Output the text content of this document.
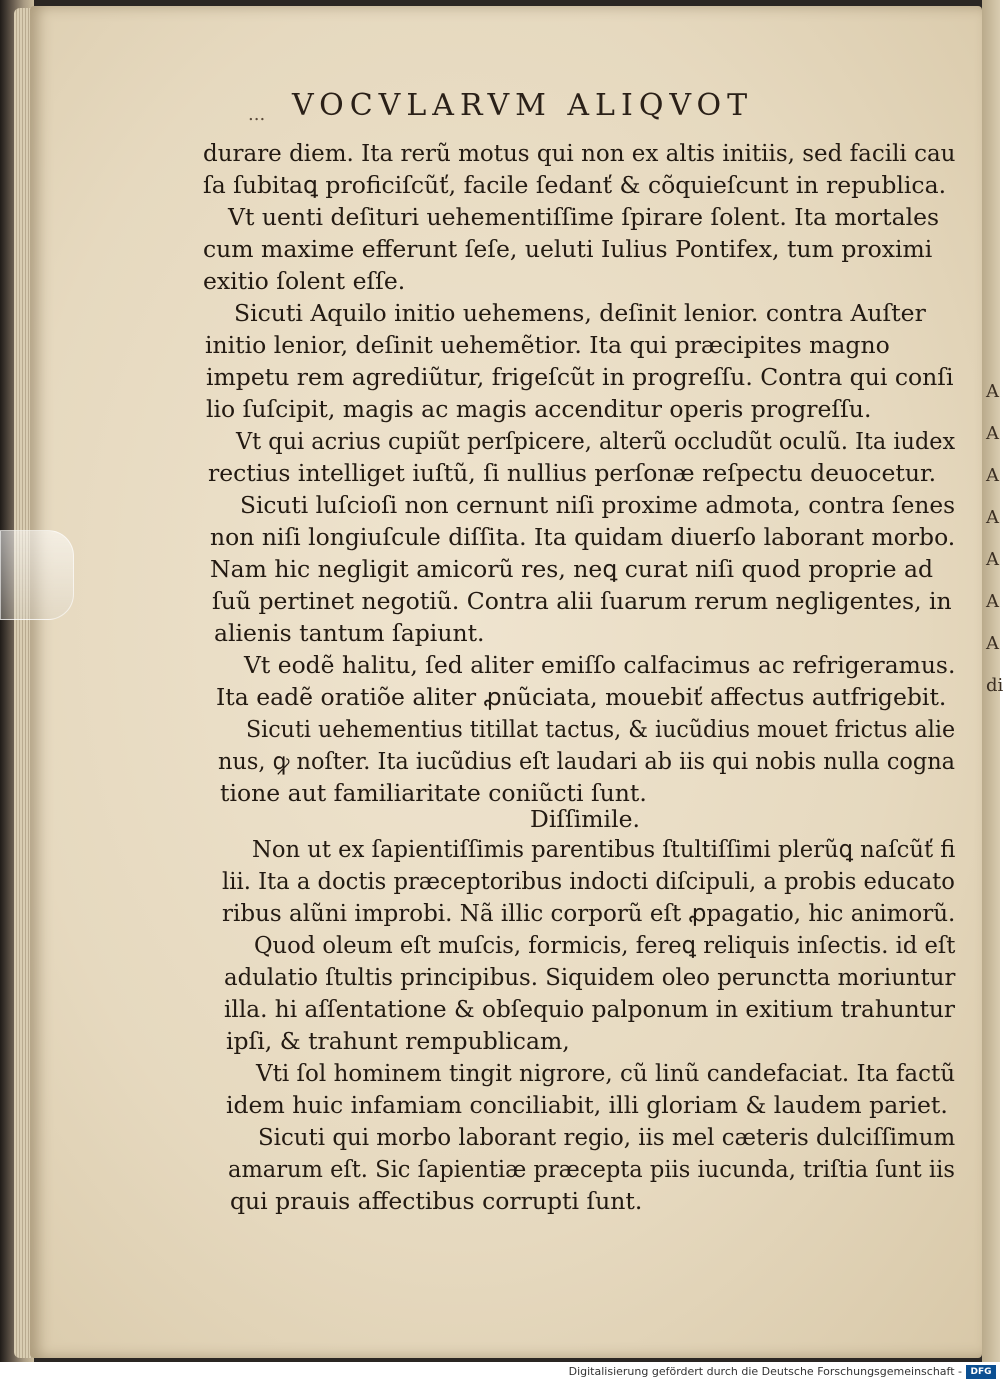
A
A
A
A
A
A
A
di
... VOCVLARVM ALIQVOT
durare diem. Ita rerũ motus qui non ex altis initiis, sed facili cau
ſa ſubitaꝗ proficiſcũť, facile ſedanť & cõquieſcunt in republica.
Vt uenti deſituri uehementiſſime ſpirare ſolent. Ita mortales
cum maxime efferunt ſeſe, ueluti Iulius Pontifex, tum proximi
exitio ſolent eſſe.
Sicuti Aquilo initio uehemens, deſinit lenior. contra Auſter
initio lenior, deſinit uehemẽtior. Ita qui præcipites magno
impetu rem agrediũtur, frigeſcũt in progreſſu. Contra qui conſi
lio ſuſcipit, magis ac magis accenditur operis progreſſu.
Vt qui acrius cupiũt perſpicere, alterũ occludũt oculũ. Ita iudex
rectius intelliget iuſtũ, ſi nullius perſonæ reſpectu deuocetur.
Sicuti luſcioſi non cernunt niſi proxime admota, contra ſenes
non niſi longiuſcule diſſita. Ita quidam diuerſo laborant morbo.
Nam hic negligit amicorũ res, neꝗ curat niſi quod proprie ad
ſuũ pertinet negotiũ. Contra alii ſuarum rerum negligentes, in
alienis tantum ſapiunt.
Vt eodẽ halitu, ſed aliter emiſſo calfacimus ac refrigeramus.
Ita eadẽ oratiõe aliter ꝓnũciata, mouebiť affectus autfrigebit.
Sicuti uehementius titillat tactus, & iucũdius mouet frictus alie
nus, ꝙ noſter. Ita iucũdius eſt laudari ab iis qui nobis nulla cogna
tione aut familiaritate coniũcti ſunt.
Diſſimile.
Non ut ex ſapientiſſimis parentibus ſtultiſſimi plerũꝗ naſcũť fi
lii. Ita a doctis præceptoribus indocti diſcipuli, a probis educato
ribus alũni improbi. Nã illic corporũ eſt ꝓpagatio, hic animorũ.
Quod oleum eſt muſcis, formicis, fereꝗ reliquis inſectis. id eſt
adulatio ſtultis principibus. Siquidem oleo perunctta moriuntur
illa. hi aſſentatione & obſequio palponum in exitium trahuntur
ipſi, & trahunt rempublicam,
Vti ſol hominem tingit nigrore, cũ linũ candefaciat. Ita factũ
idem huic infamiam conciliabit, illi gloriam & laudem pariet.
Sicuti qui morbo laborant regio, iis mel cæteris dulciſſimum
amarum eſt. Sic ſapientiæ præcepta piis iucunda, triſtia ſunt iis
qui prauis affectibus corrupti ſunt.
Digitalisierung gefördert durch die Deutsche Forschungsgemeinschaft - DFG
